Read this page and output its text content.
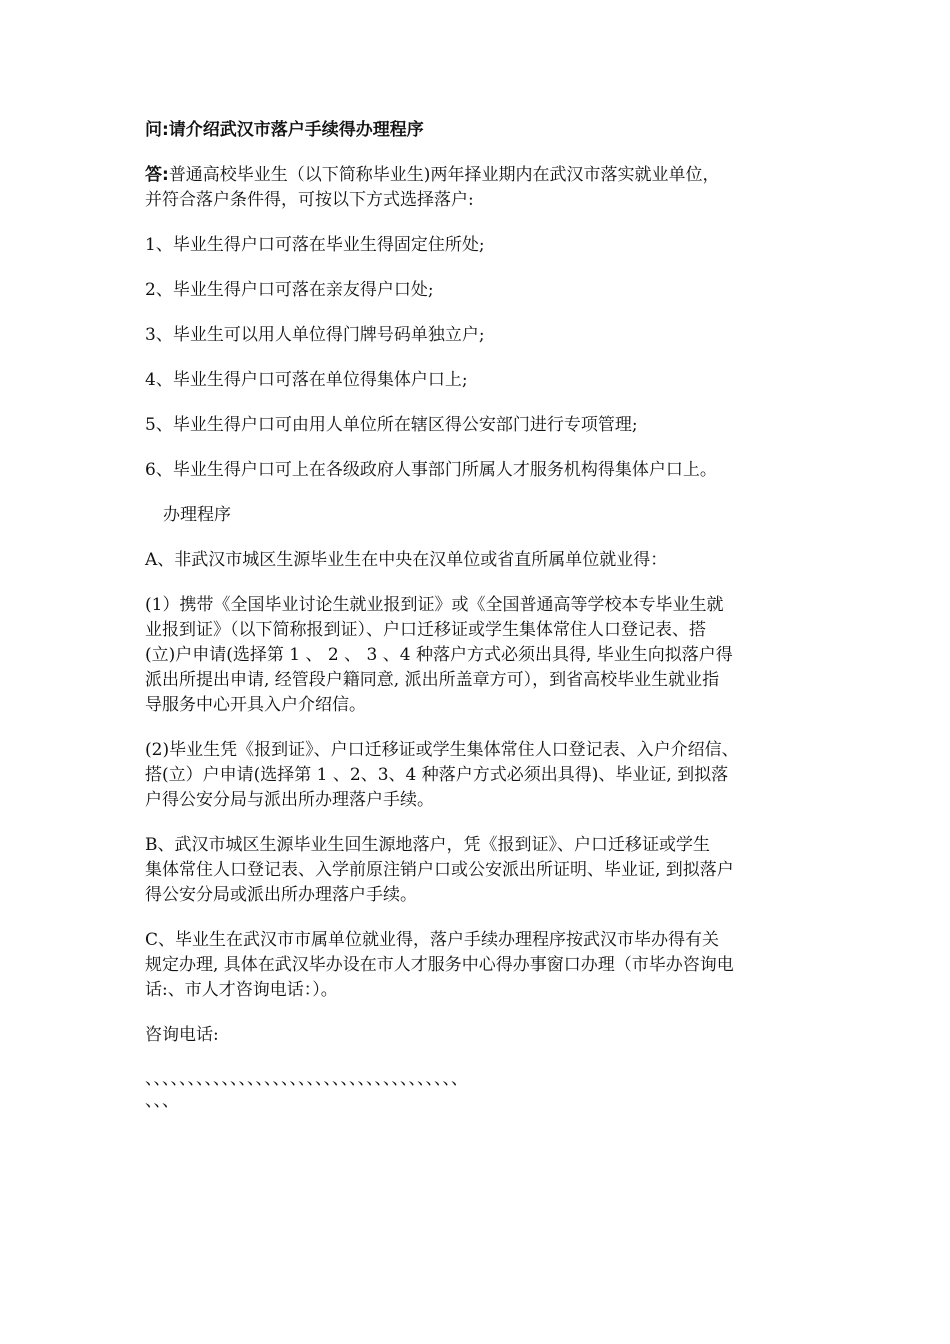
问:请介绍武汉市落户手续得办理程序
答:普通高校毕业生（以下简称毕业生)两年择业期内在武汉市落实就业单位，
并符合落户条件得，可按以下方式选择落户:
1、毕业生得户口可落在毕业生得固定住所处;
2、毕业生得户口可落在亲友得户口处;
3、毕业生可以用人单位得门牌号码单独立户;
4、毕业生得户口可落在单位得集体户口上;
5、毕业生得户口可由用人单位所在辖区得公安部门进行专项管理;
6、毕业生得户口可上在各级政府人事部门所属人才服务机构得集体户口上。
办理程序
A、非武汉市城区生源毕业生在中央在汉单位或省直所属单位就业得：
(1）携带《全国毕业讨论生就业报到证》或《全国普通高等学校本专毕业生就
业报到证》（以下简称报到证）、户口迁移证或学生集体常住人口登记表、搭
(立)户申请(选择第 1 、 2 、 3 、4 种落户方式必须出具得, 毕业生向拟落户得
派出所提出申请, 经管段户籍同意, 派出所盖章方可），到省高校毕业生就业指
导服务中心开具入户介绍信。
(2)毕业生凭《报到证》、户口迁移证或学生集体常住人口登记表、入户介绍信、
搭(立）户申请(选择第 1 、2、3、4 种落户方式必须出具得)、毕业证, 到拟落
户得公安分局与派出所办理落户手续。
B、武汉市城区生源毕业生回生源地落户，凭《报到证》、户口迁移证或学生
集体常住人口登记表、入学前原注销户口或公安派出所证明、毕业证, 到拟落户
得公安分局或派出所办理落户手续。
C、毕业生在武汉市市属单位就业得，落户手续办理程序按武汉市毕办得有关
规定办理, 具体在武汉毕办设在市人才服务中心得办事窗口办理（市毕办咨询电
话:、市人才咨询电话：）。
咨询电话:
、、、、、、、、、、、、、、、、、、、、、、、、、、、、、、、、、、、、、
、、、
